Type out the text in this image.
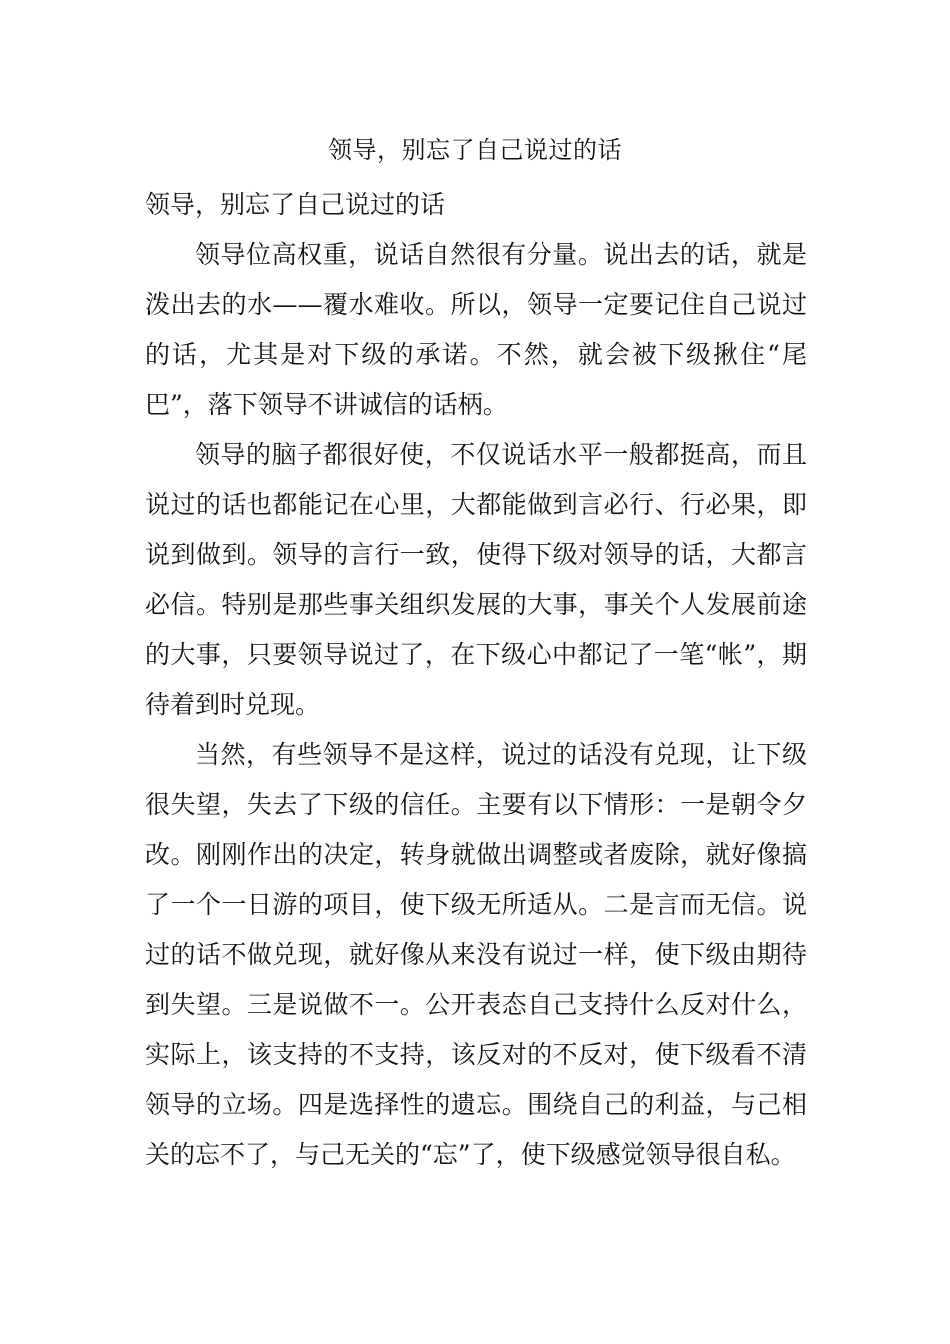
领导，别忘了自己说过的话
领导，别忘了自己说过的话

领导位高权重，说话自然很有分量。说出去的话，就是泼出去的水——覆水难收。所以，领导一定要记住自己说过的话，尤其是对下级的承诺。不然，就会被下级揪住“尾巴”，落下领导不讲诚信的话柄。

领导的脑子都很好使，不仅说话水平一般都挺高，而且说过的话也都能记在心里，大都能做到言必行、行必果，即说到做到。领导的言行一致，使得下级对领导的话，大都言必信。特别是那些事关组织发展的大事，事关个人发展前途的大事，只要领导说过了，在下级心中都记了一笔“帐”，期待着到时兑现。

当然，有些领导不是这样，说过的话没有兑现，让下级很失望，失去了下级的信任。主要有以下情形：一是朝令夕改。刚刚作出的决定，转身就做出调整或者废除，就好像搞了一个一日游的项目，使下级无所适从。二是言而无信。说过的话不做兑现，就好像从来没有说过一样，使下级由期待到失望。三是说做不一。公开表态自己支持什么反对什么，实际上，该支持的不支持，该反对的不反对，使下级看不清领导的立场。四是选择性的遗忘。围绕自己的利益，与己相关的忘不了，与己无关的“忘”了，使下级感觉领导很自私。
